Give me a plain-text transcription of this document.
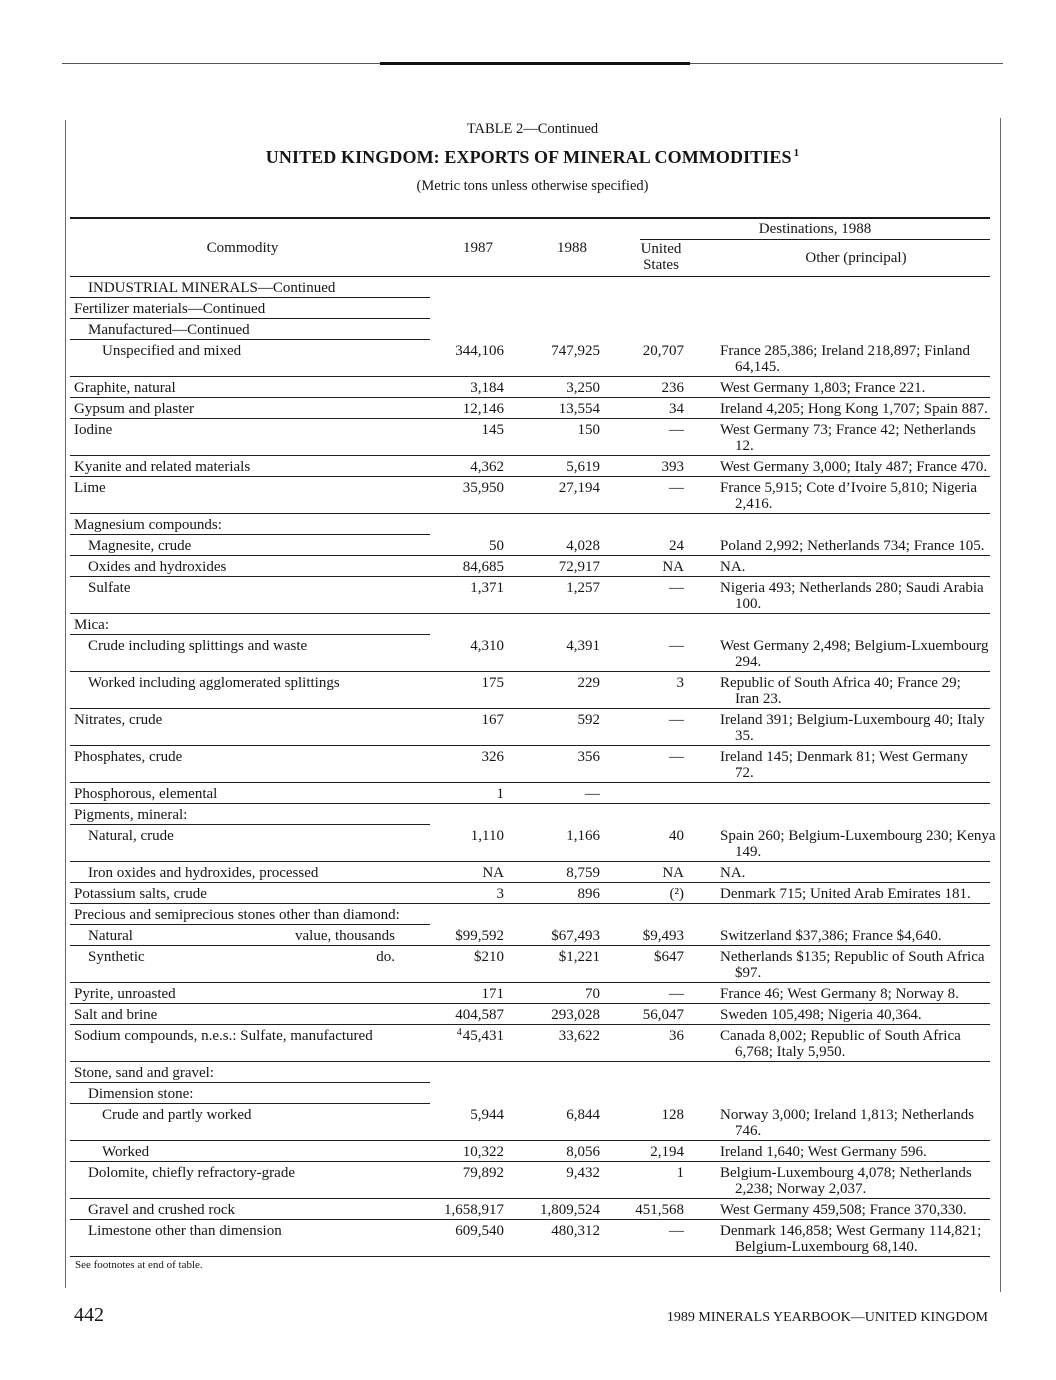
TABLE 2—Continued
UNITED KINGDOM: EXPORTS OF MINERAL COMMODITIES $^1$
(Metric tons unless otherwise specified)
Destinations, 1988
Commodity	1987	1988	United
States	Other (principal)
INDUSTRIAL MINERALS—Continued
Fertilizer materials—Continued
Manufactured—Continued
Unspecified and mixed	344,106	747,925	20,707 France 285,386; Ireland 218,897; Finland
64,145.
Graphite, natural	3,184	3,250	236 West Germany 1,803; France 221.
Gypsum and plaster	12,146	13,554	34 Ireland 4,205; Hong Kong 1,707; Spain 887.
Iodine	145	150	— West Germany 73; France 42; Netherlands
12.
Kyanite and related materials	4,362	5,619	393 West Germany 3,000; Italy 487; France 470.
Lime	35,950	27,194	— France 5,915; Cote d’Ivoire 5,810; Nigeria
2,416.
Magnesium compounds:
Magnesite, crude	50	4,028	24 Poland 2,992; Netherlands 734; France 105.
Oxides and hydroxides	84,685	72,917	NA NA.
Sulfate	1,371	1,257	— Nigeria 493; Netherlands 280; Saudi Arabia
100.
Mica:
Crude including splittings and waste	4,310	4,391	— West Germany 2,498; Belgium-Lxuembourg
294.
Worked including agglomerated splittings	175	229	3 Republic of South Africa 40; France 29;
Iran 23.
Nitrates, crude	167	592	— Ireland 391; Belgium-Luxembourg 40; Italy
35.
Phosphates, crude	326	356	— Ireland 145; Denmark 81; West Germany
72.
Phosphorous, elemental	1	—
Pigments, mineral:
Natural, crude	1,110	1,166	40 Spain 260; Belgium-Luxembourg 230; Kenya
149.
Iron oxides and hydroxides, processed	NA	8,759	NA NA.
Potassium salts, crude	3	896	(²) Denmark 715; United Arab Emirates 181.
Precious and semiprecious stones other than diamond:
Natural	value, thousands	$99,592	$67,493	$9,493 Switzerland $37,386; France $4,640.
Synthetic	do.	$210	$1,221	$647 Netherlands $135; Republic of South Africa
$97.
Pyrite, unroasted	171	70	— France 46; West Germany 8; Norway 8.
Salt and brine	404,587	293,028	56,047 Sweden 105,498; Nigeria 40,364.
Sodium compounds, n.e.s.: Sulfate, manufactured	$^4$45,431	33,622	36 Canada 8,002; Republic of South Africa
6,768; Italy 5,950.
Stone, sand and gravel:
Dimension stone:
Crude and partly worked	5,944	6,844	128 Norway 3,000; Ireland 1,813; Netherlands
746.
Worked	10,322	8,056	2,194 Ireland 1,640; West Germany 596.
Dolomite, chiefly refractory-grade	79,892	9,432	1 Belgium-Luxembourg 4,078; Netherlands
2,238; Norway 2,037.
Gravel and crushed rock	1,658,917	1,809,524	451,568 West Germany 459,508; France 370,330.
Limestone other than dimension	609,540	480,312	— Denmark 146,858; West Germany 114,821;
Belgium-Luxembourg 68,140.
See footnotes at end of table.
442	1989 MINERALS YEARBOOK—UNITED KINGDOM
